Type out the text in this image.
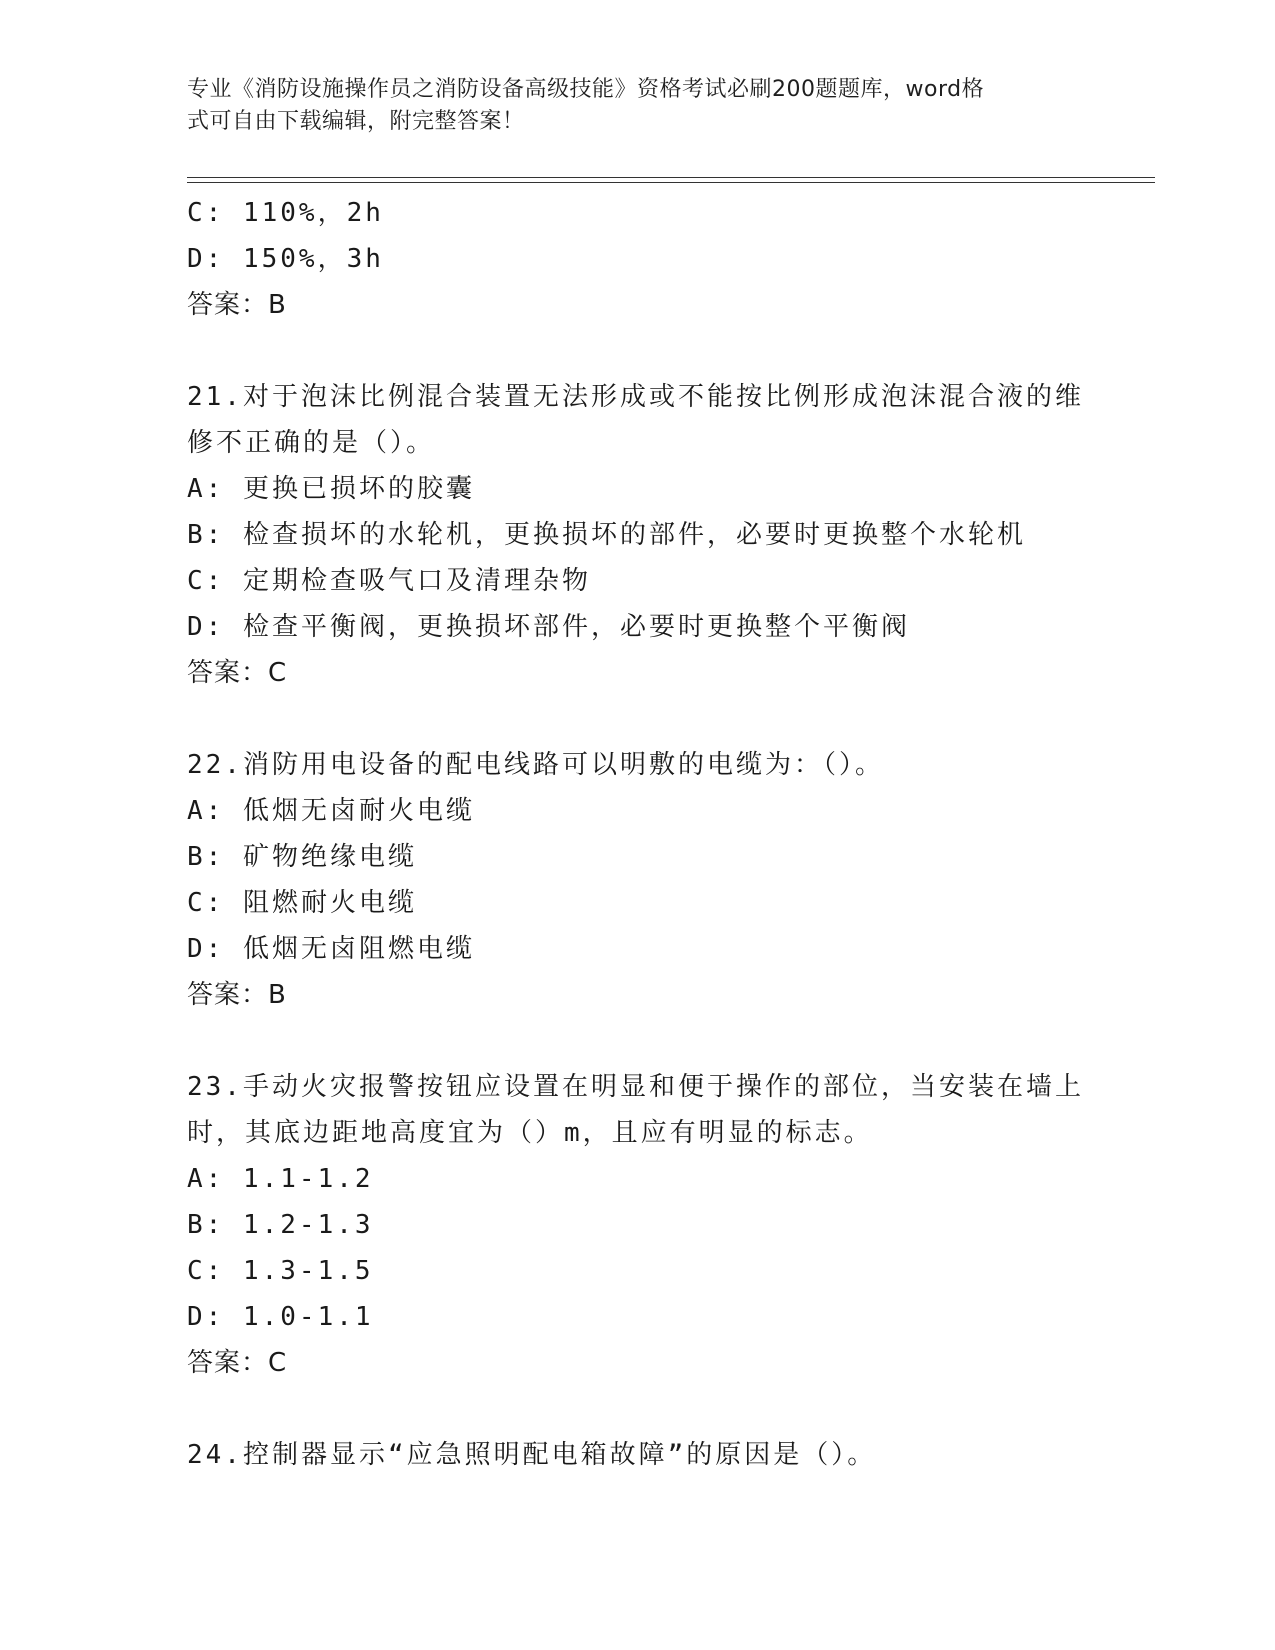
专业《消防设施操作员之消防设备高级技能》资格考试必刷200题题库，word格
式可自由下载编辑，附完整答案！
C: 110%，2h
D: 150%，3h
答案：B
21.对于泡沫比例混合装置无法形成或不能按比例形成泡沫混合液的维
修不正确的是（）。
A: 更换已损坏的胶囊
B: 检查损坏的水轮机，更换损坏的部件，必要时更换整个水轮机
C: 定期检查吸气口及清理杂物
D: 检查平衡阀，更换损坏部件，必要时更换整个平衡阀
答案：C
22.消防用电设备的配电线路可以明敷的电缆为：（）。
A: 低烟无卤耐火电缆
B: 矿物绝缘电缆
C: 阻燃耐火电缆
D: 低烟无卤阻燃电缆
答案：B
23.手动火灾报警按钮应设置在明显和便于操作的部位，当安装在墙上
时，其底边距地高度宜为（）m，且应有明显的标志。
A: 1.1-1.2
B: 1.2-1.3
C: 1.3-1.5
D: 1.0-1.1
答案：C
24.控制器显示“应急照明配电箱故障”的原因是（）。
